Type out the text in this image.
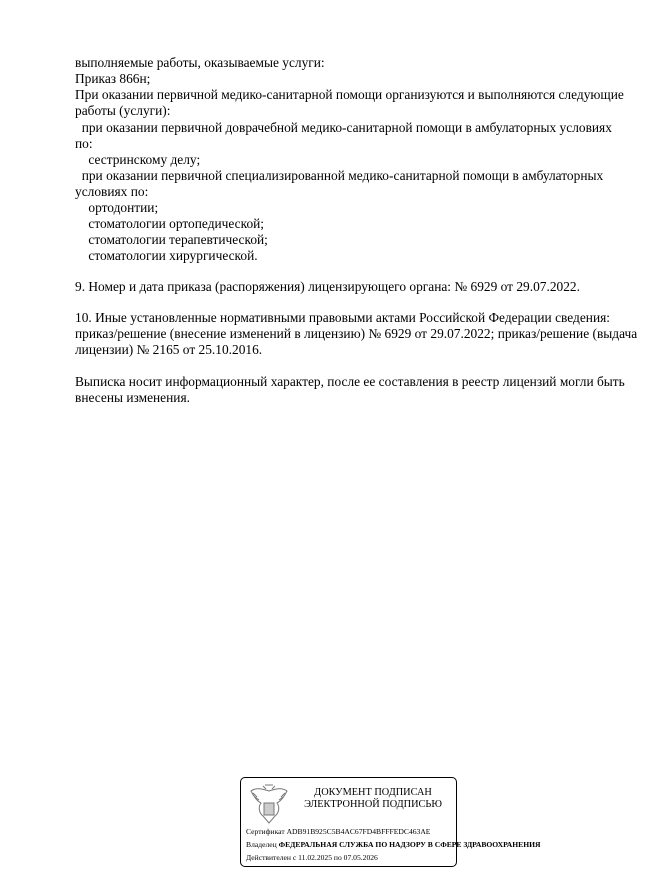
выполняемые работы, оказываемые услуги:
Приказ 866н;
При оказании первичной медико-санитарной помощи организуются и выполняются следующие
работы (услуги):
при оказании первичной доврачебной медико-санитарной помощи в амбулаторных условиях
по:
сестринскому делу;
при оказании первичной специализированной медико-санитарной помощи в амбулаторных
условиях по:
ортодонтии;
стоматологии ортопедической;
стоматологии терапевтической;
стоматологии хирургической.
9. Номер и дата приказа (распоряжения) лицензирующего органа: № 6929 от 29.07.2022.
10. Иные установленные нормативными правовыми актами Российской Федерации сведения:
приказ/решение (внесение изменений в лицензию) № 6929 от 29.07.2022; приказ/решение (выдача
лицензии) № 2165 от 25.10.2016.
Выписка носит информационный характер, после ее составления в реестр лицензий могли быть
внесены изменения.
ДОКУМЕНТ ПОДПИСАН
ЭЛЕКТРОННОЙ ПОДПИСЬЮ
Сертификат ADB91B925C5B4AC67FD4BFFFEDC463AE
Владелец ФЕДЕРАЛЬНАЯ СЛУЖБА ПО НАДЗОРУ В СФЕРЕ ЗДРАВООХРАНЕНИЯ
Действителен с 11.02.2025 по 07.05.2026
